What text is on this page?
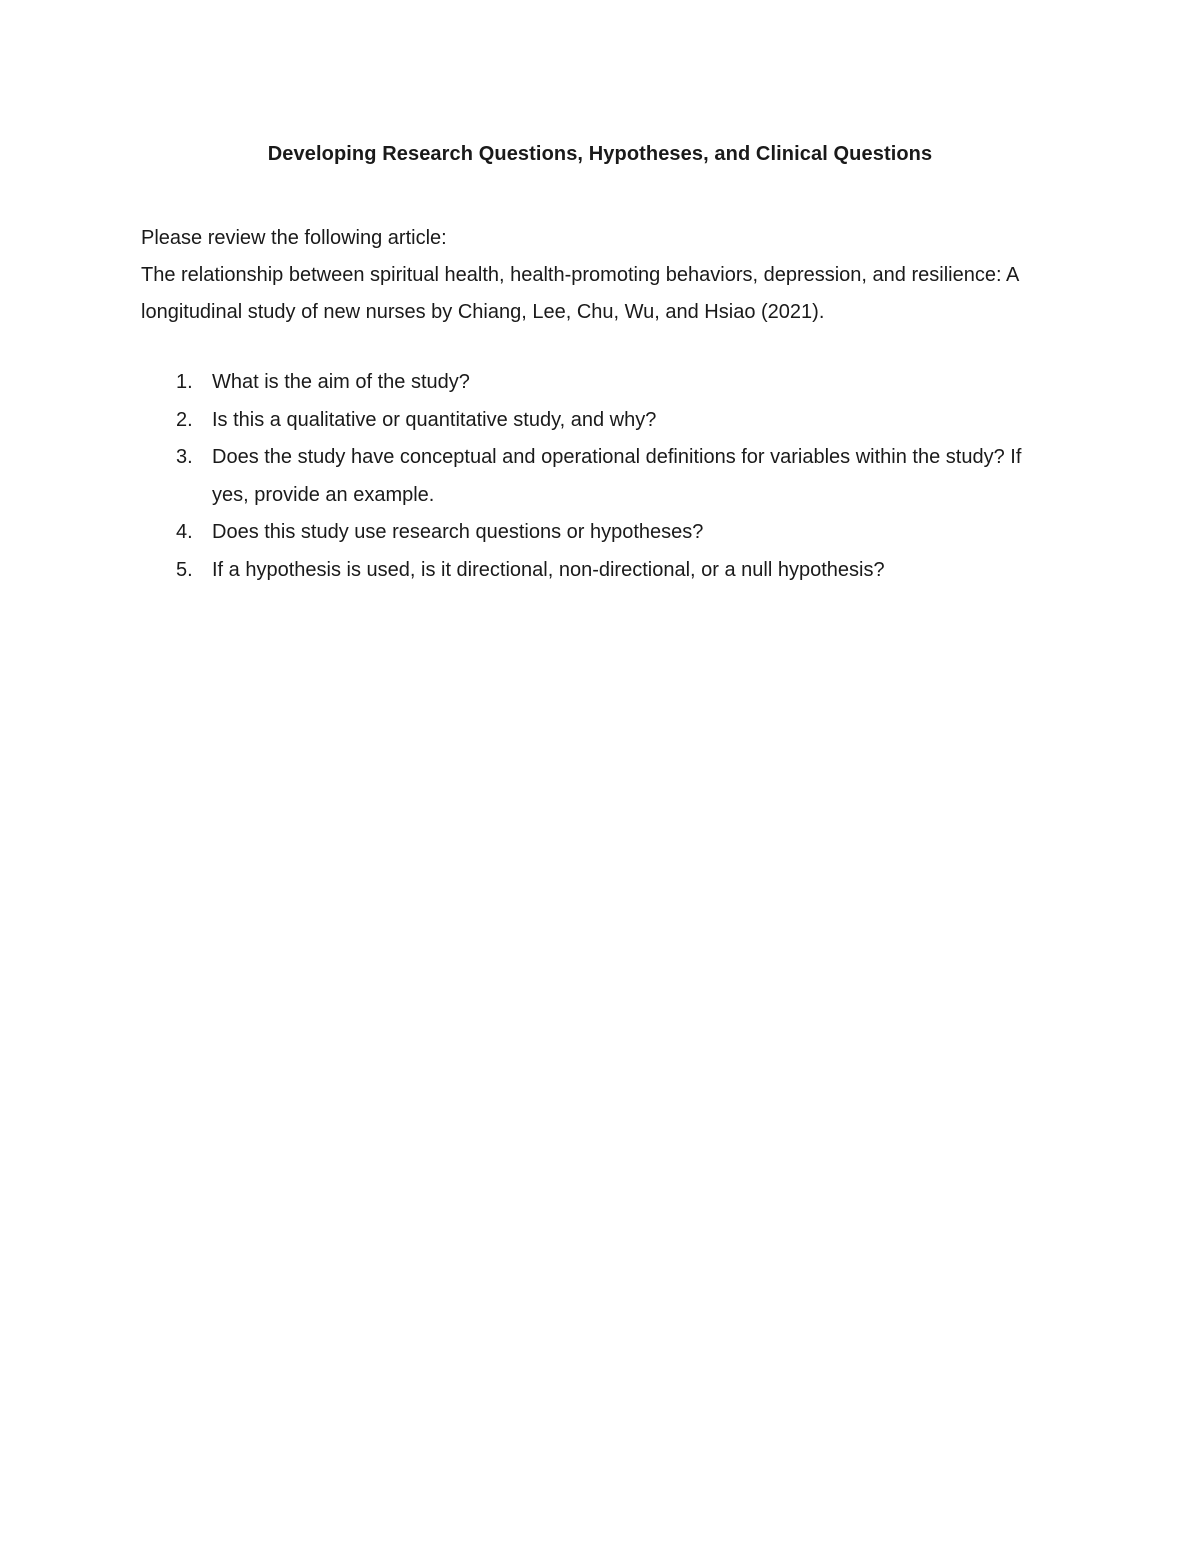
Developing Research Questions, Hypotheses, and Clinical Questions

Please review the following article:

The relationship between spiritual health, health-promoting behaviors, depression, and resilience: A longitudinal study of new nurses by Chiang, Lee, Chu, Wu, and Hsiao (2021).

1. What is the aim of the study?
2. Is this a qualitative or quantitative study, and why?
3. Does the study have conceptual and operational definitions for variables within the study? If yes, provide an example.
4. Does this study use research questions or hypotheses?
5. If a hypothesis is used, is it directional, non-directional, or a null hypothesis?
